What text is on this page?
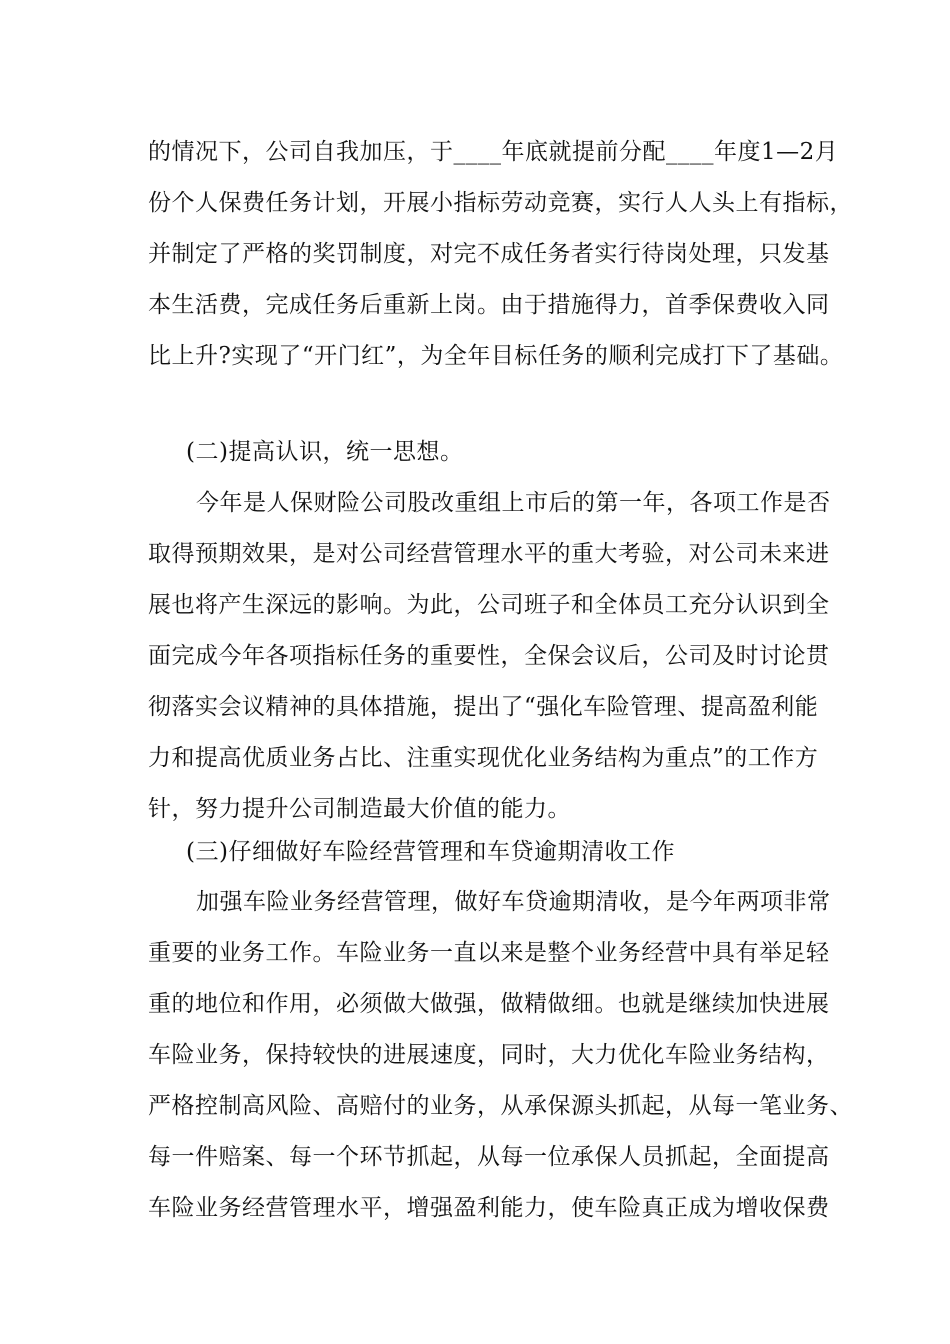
的情况下，公司自我加压，于____年底就提前分配____年度1—2月
份个人保费任务计划，开展小指标劳动竞赛，实行人人头上有指标，
并制定了严格的奖罚制度，对完不成任务者实行待岗处理，只发基
本生活费，完成任务后重新上岗。由于措施得力，首季保费收入同
比上升?实现了“开门红”，为全年目标任务的顺利完成打下了基础。
(二)提高认识，统一思想。
今年是人保财险公司股改重组上市后的第一年，各项工作是否
取得预期效果，是对公司经营管理水平的重大考验，对公司未来进
展也将产生深远的影响。为此，公司班子和全体员工充分认识到全
面完成今年各项指标任务的重要性，全保会议后，公司及时讨论贯
彻落实会议精神的具体措施，提出了“强化车险管理、提高盈利能
力和提高优质业务占比、注重实现优化业务结构为重点”的工作方
针，努力提升公司制造最大价值的能力。
(三)仔细做好车险经营管理和车贷逾期清收工作
加强车险业务经营管理，做好车贷逾期清收，是今年两项非常
重要的业务工作。车险业务一直以来是整个业务经营中具有举足轻
重的地位和作用，必须做大做强，做精做细。也就是继续加快进展
车险业务，保持较快的进展速度，同时，大力优化车险业务结构，
严格控制高风险、高赔付的业务，从承保源头抓起，从每一笔业务、
每一件赔案、每一个环节抓起，从每一位承保人员抓起，全面提高
车险业务经营管理水平，增强盈利能力，使车险真正成为增收保费
